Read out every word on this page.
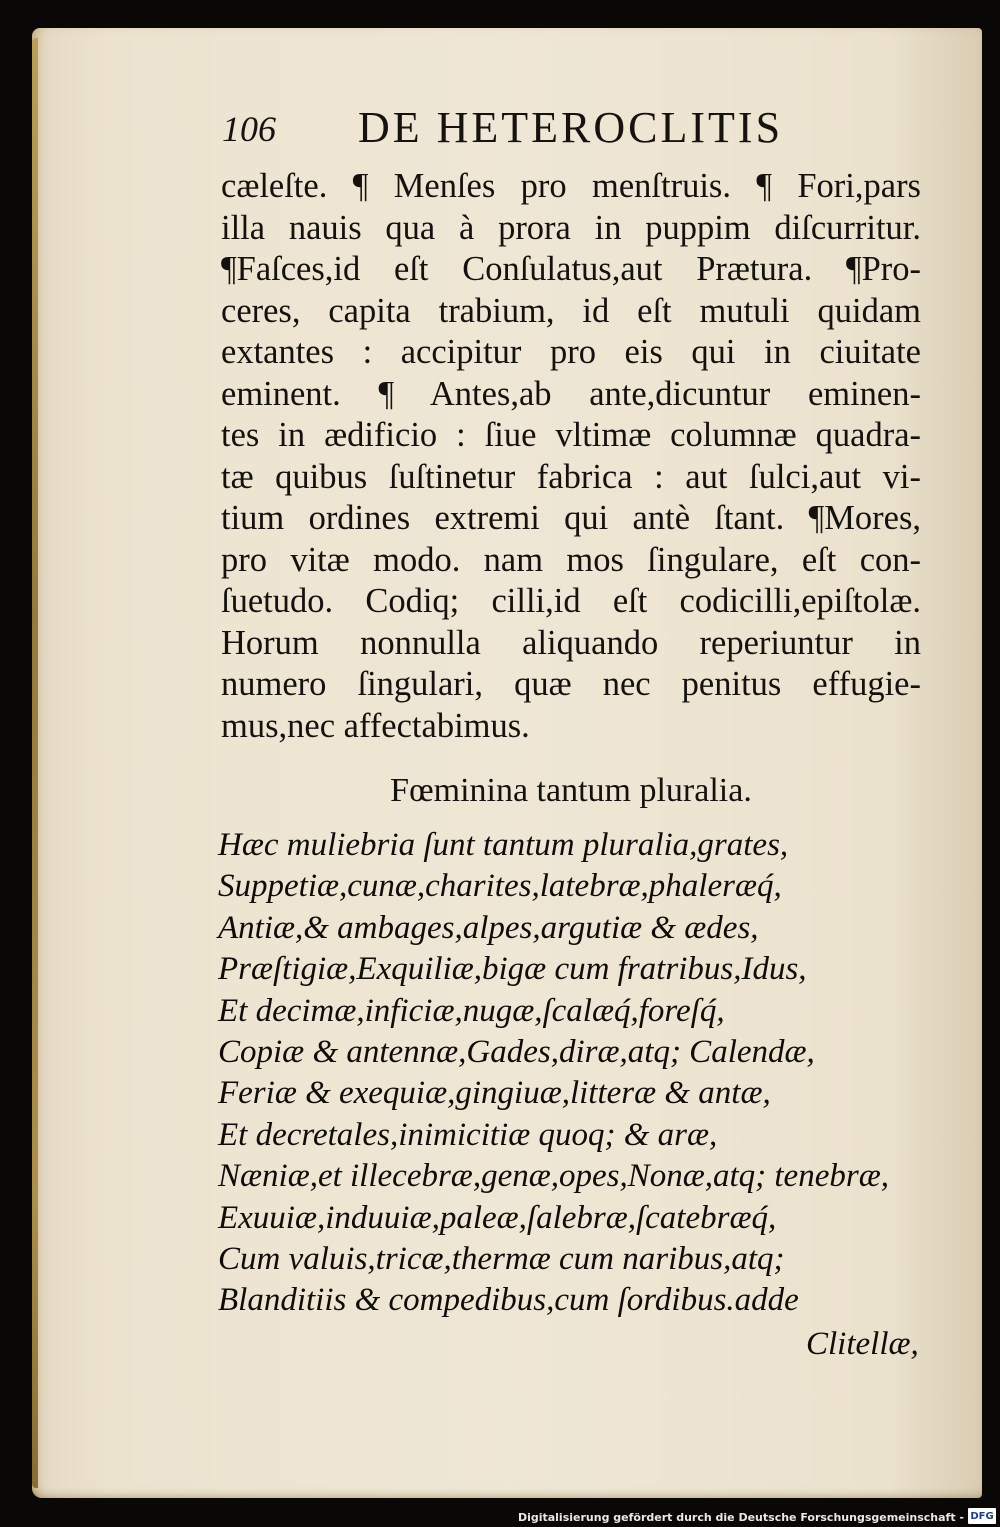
106 DE HETEROCLITIS
cæleſte. ¶ Menſes pro menſtruis. ¶ Fori,pars
illa nauis qua à prora in puppim diſcurritur.
¶Faſces,id eſt Conſulatus,aut Prætura. ¶Pro-
ceres, capita trabium, id eſt mutuli quidam
extantes : accipitur pro eis qui in ciuitate
eminent. ¶ Antes,ab ante,dicuntur eminen-
tes in ædificio : ſiue vltimæ columnæ quadra-
tæ quibus ſuſtinetur fabrica : aut ſulci,aut vi-
tium ordines extremi qui antè ſtant. ¶Mores,
pro vitæ modo. nam mos ſingulare, eſt con-
ſuetudo. Codiq; cilli,id eſt codicilli,epiſtolæ.
Horum nonnulla aliquando reperiuntur in
numero ſingulari, quæ nec penitus effugie-
mus,nec affectabimus.
Fœminina tantum pluralia.
Hæc muliebria ſunt tantum pluralia,grates,
Suppetiæ,cunæ,charites,latebræ,phaleræq́,
Antiæ,& ambages,alpes,argutiæ & ædes,
Præſtigiæ,Exquiliæ,bigæ cum fratribus,Idus,
Et decimæ,inficiæ,nugæ,ſcalæq́,foreſq́,
Copiæ & antennæ,Gades,diræ,atq; Calendæ,
Feriæ & exequiæ,gingiuæ,litteræ & antæ,
Et decretales,inimicitiæ quoq; & aræ,
Næniæ,et illecebræ,genæ,opes,Nonæ,atq; tenebræ,
Exuuiæ,induuiæ,paleæ,ſalebræ,ſcatebræq́,
Cum valuis,tricæ,thermæ cum naribus,atq;
Blanditiis & compedibus,cum ſordibus.adde
Clitellæ,
Digitalisierung gefördert durch die Deutsche Forschungsgemeinschaft - DFG
